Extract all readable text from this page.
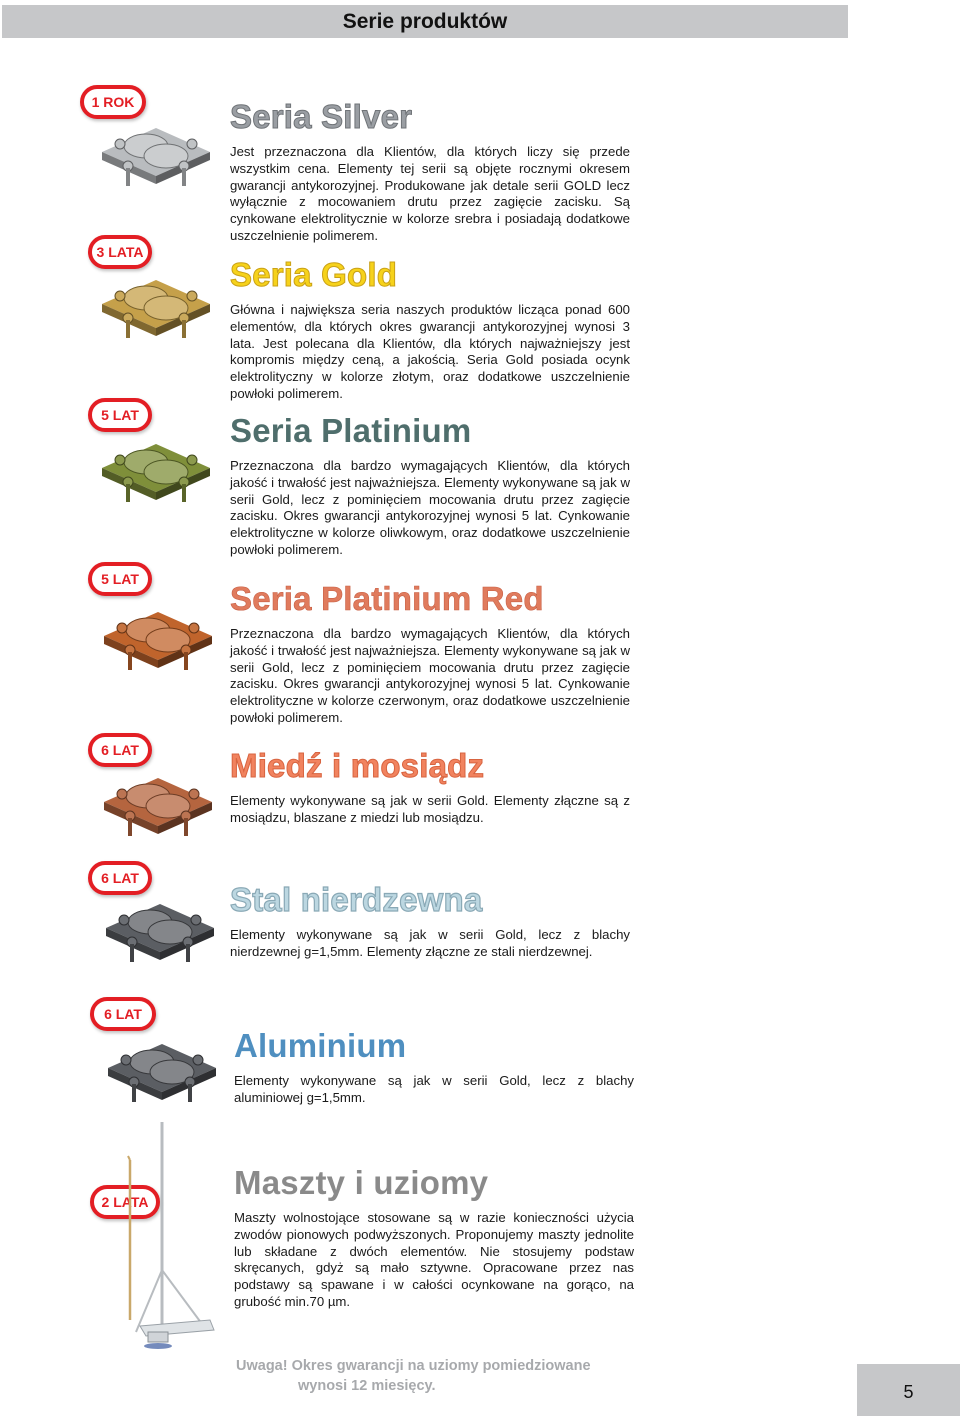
Serie produktów
1 ROK
3 LATA
5 LAT
5 LAT
6 LAT
6 LAT
6 LAT
2 LATA
Seria Silver

Jest przeznaczona dla Klientów, dla których liczy się przede wszystkim cena. Elementy tej serii są objęte rocznymi okresem gwarancji antykorozyjnej. Produkowane jak detale serii GOLD lecz wyłącznie z mocowaniem drutu przez zagięcie zacisku. Są cynkowane elektrolitycznie w kolorze srebra i posiadają dodatkowe uszczelnienie polimerem.

Seria Gold

Główna i największa seria naszych produktów licząca ponad 600 elementów, dla których okres gwarancji antykorozyjnej wynosi 3 lata. Jest polecana dla Klientów, dla których najważniejszy jest kompromis między ceną, a jakością. Seria Gold posiada ocynk elektrolityczny w kolorze złotym, oraz dodatkowe uszczelnienie powłoki polimerem.

Seria Platinium

Przeznaczona dla bardzo wymagających Klientów, dla których jakość i trwałość jest najważniejsza. Elementy wykonywane są jak w serii Gold, lecz z pominięciem mocowania drutu przez zagięcie zacisku. Okres gwarancji antykorozyjnej wynosi 5 lat. Cynkowanie elektrolityczne w kolorze oliwkowym, oraz dodatkowe uszczelnienie powłoki polimerem.

Seria Platinium Red

Przeznaczona dla bardzo wymagających Klientów, dla których jakość i trwałość jest najważniejsza. Elementy wykonywane są jak w serii Gold, lecz z pominięciem mocowania drutu przez zagięcie zacisku. Okres gwarancji antykorozyjnej wynosi 5 lat. Cynkowanie elektrolityczne w kolorze czerwonym, oraz dodatkowe uszczelnienie powłoki polimerem.

Miedź i mosiądz

Elementy wykonywane są jak w serii Gold. Elementy złączne są z mosiądzu, blaszane z miedzi lub mosiądzu.

Stal nierdzewna

Elementy wykonywane są jak w serii Gold, lecz z blachy nierdzewnej g=1,5mm. Elementy złączne ze stali nierdzewnej.

Aluminium

Elementy wykonywane są jak w serii Gold, lecz z blachy aluminiowej g=1,5mm.

Maszty i uziomy

Maszty wolnostojące stosowane są w razie konieczności użycia zwodów pionowych podwyższonych. Proponujemy maszty jednolite lub składane z dwóch elementów. Nie stosujemy podstaw skręcanych, gdyż są mało sztywne. Opracowane przez nas podstawy są spawane i w całości ocynkowane na gorąco, na grubość min.70 µm.

Uwaga! Okres gwarancji na uziomy pomiedziowane
wynosi 12 miesięcy.	5
